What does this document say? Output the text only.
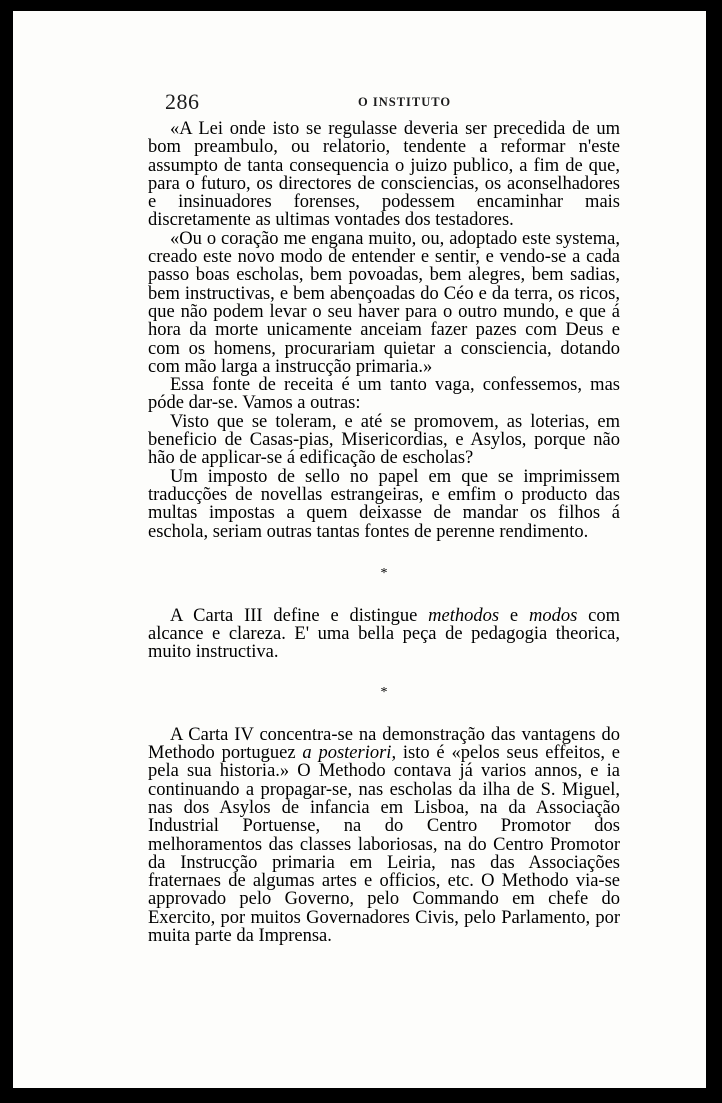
286	O INSTITUTO

«A Lei onde isto se regulasse deveria ser precedida de um bom preambulo, ou relatorio, tendente a reformar n'este assumpto de tanta consequencia o juizo publico, a fim de que, para o futuro, os directores de consciencias, os aconselhadores e insinuadores forenses, podessem encaminhar mais discretamente as ultimas vontades dos testadores.

«Ou o coração me engana muito, ou, adoptado este systema, creado este novo modo de entender e sentir, e vendo-se a cada passo boas escholas, bem povoadas, bem alegres, bem sadias, bem instructivas, e bem abençoadas do Céo e da terra, os ricos, que não podem levar o seu haver para o outro mundo, e que á hora da morte unicamente anceiam fazer pazes com Deus e com os homens, procurariam quietar a consciencia, dotando com mão larga a instrucção primaria.»

Essa fonte de receita é um tanto vaga, confessemos, mas póde dar-se. Vamos a outras:

Visto que se toleram, e até se promovem, as loterias, em beneficio de Casas-pias, Misericordias, e Asylos, porque não hão de applicar-se á edificação de escholas?

Um imposto de sello no papel em que se imprimissem traducções de novellas estrangeiras, e emfim o producto das multas impostas a quem deixasse de mandar os filhos á eschola, seriam outras tantas fontes de perenne rendimento.

*

A Carta III define e distingue methodos e modos com alcance e clareza. E' uma bella peça de pedagogia theorica, muito instructiva.

*

A Carta IV concentra-se na demonstração das vantagens do Methodo portuguez a posteriori, isto é «pelos seus effeitos, e pela sua historia.» O Methodo contava já varios annos, e ia continuando a propagar-se, nas escholas da ilha de S. Miguel, nas dos Asylos de infancia em Lisboa, na da Associação Industrial Portuense, na do Centro Promotor dos melhoramentos das classes laboriosas, na do Centro Promotor da Instrucção primaria em Leiria, nas das Associações fraternaes de algumas artes e officios, etc. O Methodo via-se approvado pelo Governo, pelo Commando em chefe do Exercito, por muitos Governadores Civis, pelo Parlamento, por muita parte da Imprensa.
